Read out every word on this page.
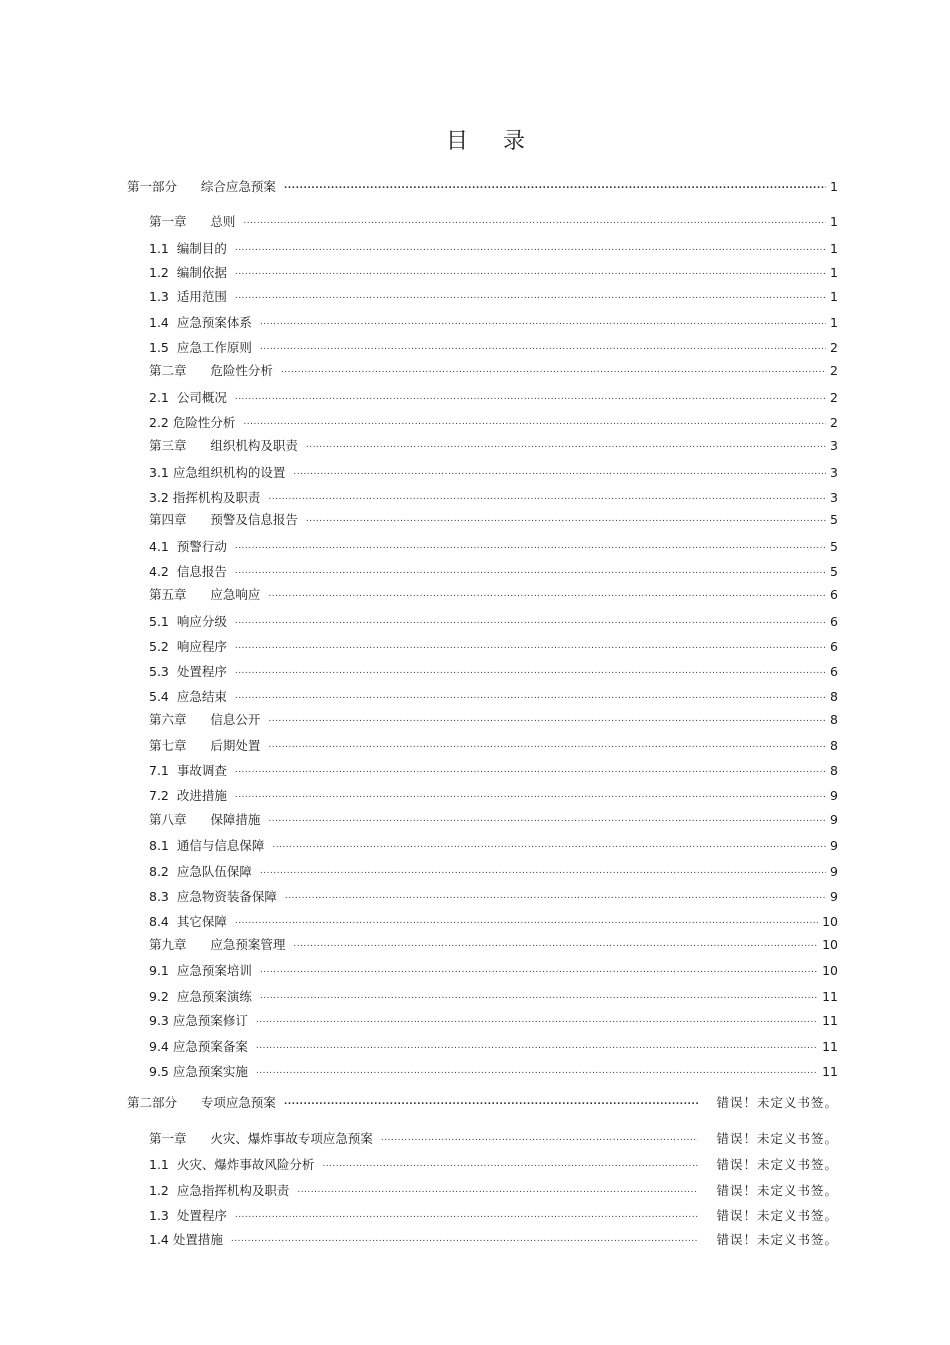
目 录
第一部分      综合应急预案 .....	1
第一章      总则 .....	1
1.1  编制目的 .....	1
1.2  编制依据 .....	1
1.3  适用范围 .....	1
1.4  应急预案体系 .....	1
1.5  应急工作原则 .....	2
第二章      危险性分析 .....	2
2.1  公司概况 .....	2
2.2 危险性分析 .....	2
第三章      组织机构及职责 .....	3
3.1 应急组织机构的设置 .....	3
3.2 指挥机构及职责 .....	3
第四章      预警及信息报告 .....	5
4.1  预警行动 .....	5
4.2  信息报告 .....	5
第五章      应急响应 .....	6
5.1  响应分级 .....	6
5.2  响应程序 .....	6
5.3  处置程序 .....	6
5.4  应急结束 .....	8
第六章      信息公开 .....	8
第七章      后期处置 .....	8
7.1  事故调查 .....	8
7.2  改进措施 .....	9
第八章      保障措施 .....	9
8.1  通信与信息保障 .....	9
8.2  应急队伍保障 .....	9
8.3  应急物资装备保障 .....	9
8.4  其它保障 .....	10
第九章      应急预案管理 .....	10
9.1  应急预案培训 .....	10
9.2  应急预案演练 .....	11
9.3 应急预案修订 .....	11
9.4 应急预案备案 .....	11
9.5 应急预案实施 .....	11
第二部分      专项应急预案 .....	错误！未定义书签。
第一章      火灾、爆炸事故专项应急预案 .....	错误！未定义书签。
1.1  火灾、爆炸事故风险分析 .....	错误！未定义书签。
1.2  应急指挥机构及职责 .....	错误！未定义书签。
1.3  处置程序 .....	错误！未定义书签。
1.4 处置措施 .....	错误！未定义书签。
